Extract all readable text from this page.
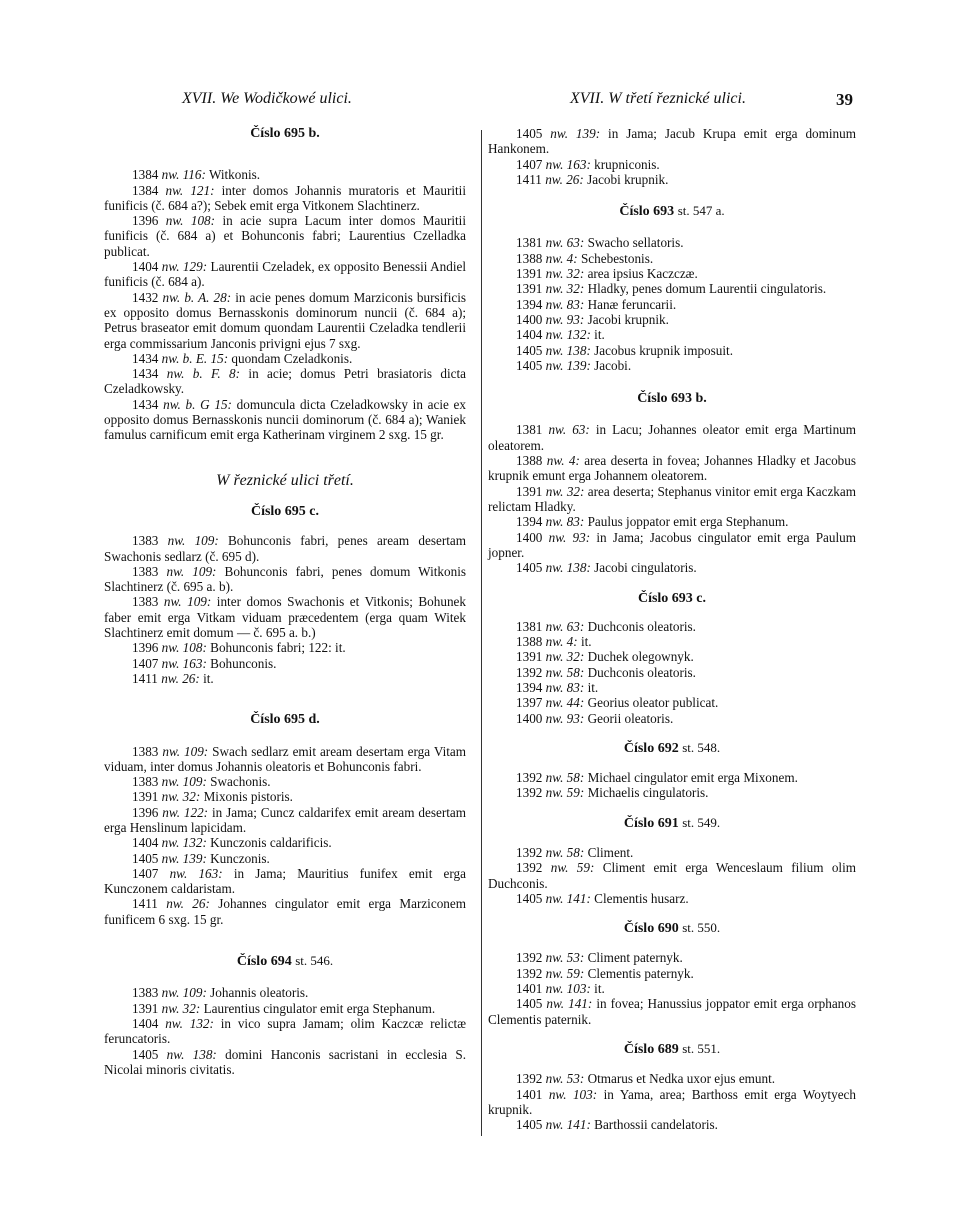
XVII. We Wodičkowé ulici.	XVII. W třetí řeznické ulici.	39

Číslo 695 b.

1384 nw. 116: Witkonis.

1384 nw. 121: inter domos Johannis muratoris et Mauritii funificis (č. 684 a?); Sebek emit erga Vitkonem Slachtinerz.

1396 nw. 108: in acie supra Lacum inter domos Mauritii funificis (č. 684 a) et Bohunconis fabri; Laurentius Czelladka publicat.

1404 nw. 129: Laurentii Czeladek, ex opposito Benessii Andiel funificis (č. 684 a).

1432 nw. b. A. 28: in acie penes domum Marziconis bursificis ex opposito domus Bernasskonis dominorum nuncii (č. 684 a); Petrus braseator emit domum quondam Laurentii Czeladka tendlerii erga commissarium Janconis privigni ejus 7 sxg.

1434 nw. b. E. 15: quondam Czeladkonis.

1434 nw. b. F. 8: in acie; domus Petri brasiatoris dicta Czeladkowsky.

1434 nw. b. G 15: domuncula dicta Czeladkowsky in acie ex opposito domus Bernasskonis nuncii dominorum (č. 684 a); Waniek famulus carnificum emit erga Katherinam virginem 2 sxg. 15 gr.

W řeznické ulici třetí.

Číslo 695 c.

1383 nw. 109: Bohunconis fabri, penes aream desertam Swachonis sedlarz (č. 695 d).

1383 nw. 109: Bohunconis fabri, penes domum Witkonis Slachtinerz (č. 695 a. b).

1383 nw. 109: inter domos Swachonis et Vitkonis; Bohunek faber emit erga Vitkam viduam præcedentem (erga quam Witek Slachtinerz emit domum — č. 695 a. b.)

1396 nw. 108: Bohunconis fabri; 122: it.

1407 nw. 163: Bohunconis.

1411 nw. 26: it.

Číslo 695 d.

1383 nw. 109: Swach sedlarz emit aream desertam erga Vitam viduam, inter domus Johannis oleatoris et Bohunconis fabri.

1383 nw. 109: Swachonis.

1391 nw. 32: Mixonis pistoris.

1396 nw. 122: in Jama; Cuncz caldarifex emit aream desertam erga Henslinum lapicidam.

1404 nw. 132: Kunczonis caldarificis.

1405 nw. 139: Kunczonis.

1407 nw. 163: in Jama; Mauritius funifex emit erga Kunczonem caldaristam.

1411 nw. 26: Johannes cingulator emit erga Marziconem funificem 6 sxg. 15 gr.

Číslo 694 st. 546.

1383 nw. 109: Johannis oleatoris.

1391 nw. 32: Laurentius cingulator emit erga Stephanum.

1404 nw. 132: in vico supra Jamam; olim Kaczcæ relictæ feruncatoris.

1405 nw. 138: domini Hanconis sacristani in ecclesia S. Nicolai minoris civitatis.

1405 nw. 139: in Jama; Jacub Krupa emit erga dominum Hankonem.

1407 nw. 163: krupniconis.

1411 nw. 26: Jacobi krupnik.

Číslo 693 st. 547 a.

1381 nw. 63: Swacho sellatoris.

1388 nw. 4: Schebestonis.

1391 nw. 32: area ipsius Kaczczæ.

1391 nw. 32: Hladky, penes domum Laurentii cingulatoris.

1394 nw. 83: Hanæ feruncarii.

1400 nw. 93: Jacobi krupnik.

1404 nw. 132: it.

1405 nw. 138: Jacobus krupnik imposuit.

1405 nw. 139: Jacobi.

Číslo 693 b.

1381 nw. 63: in Lacu; Johannes oleator emit erga Martinum oleatorem.

1388 nw. 4: area deserta in fovea; Johannes Hladky et Jacobus krupnik emunt erga Johannem oleatorem.

1391 nw. 32: area deserta; Stephanus vinitor emit erga Kaczkam relictam Hladky.

1394 nw. 83: Paulus joppator emit erga Stephanum.

1400 nw. 93: in Jama; Jacobus cingulator emit erga Paulum jopner.

1405 nw. 138: Jacobi cingulatoris.

Číslo 693 c.

1381 nw. 63: Duchconis oleatoris.

1388 nw. 4: it.

1391 nw. 32: Duchek olegownyk.

1392 nw. 58: Duchconis oleatoris.

1394 nw. 83: it.

1397 nw. 44: Georius oleator publicat.

1400 nw. 93: Georii oleatoris.

Číslo 692 st. 548.

1392 nw. 58: Michael cingulator emit erga Mixonem.

1392 nw. 59: Michaelis cingulatoris.

Číslo 691 st. 549.

1392 nw. 58: Climent.

1392 nw. 59: Climent emit erga Wenceslaum filium olim Duchconis.

1405 nw. 141: Clementis husarz.

Číslo 690 st. 550.

1392 nw. 53: Climent paternyk.

1392 nw. 59: Clementis paternyk.

1401 nw. 103: it.

1405 nw. 141: in fovea; Hanussius joppator emit erga orphanos Clementis paternik.

Číslo 689 st. 551.

1392 nw. 53: Otmarus et Nedka uxor ejus emunt.

1401 nw. 103: in Yama, area; Barthoss emit erga Woytyech krupnik.

1405 nw. 141: Barthossii candelatoris.
